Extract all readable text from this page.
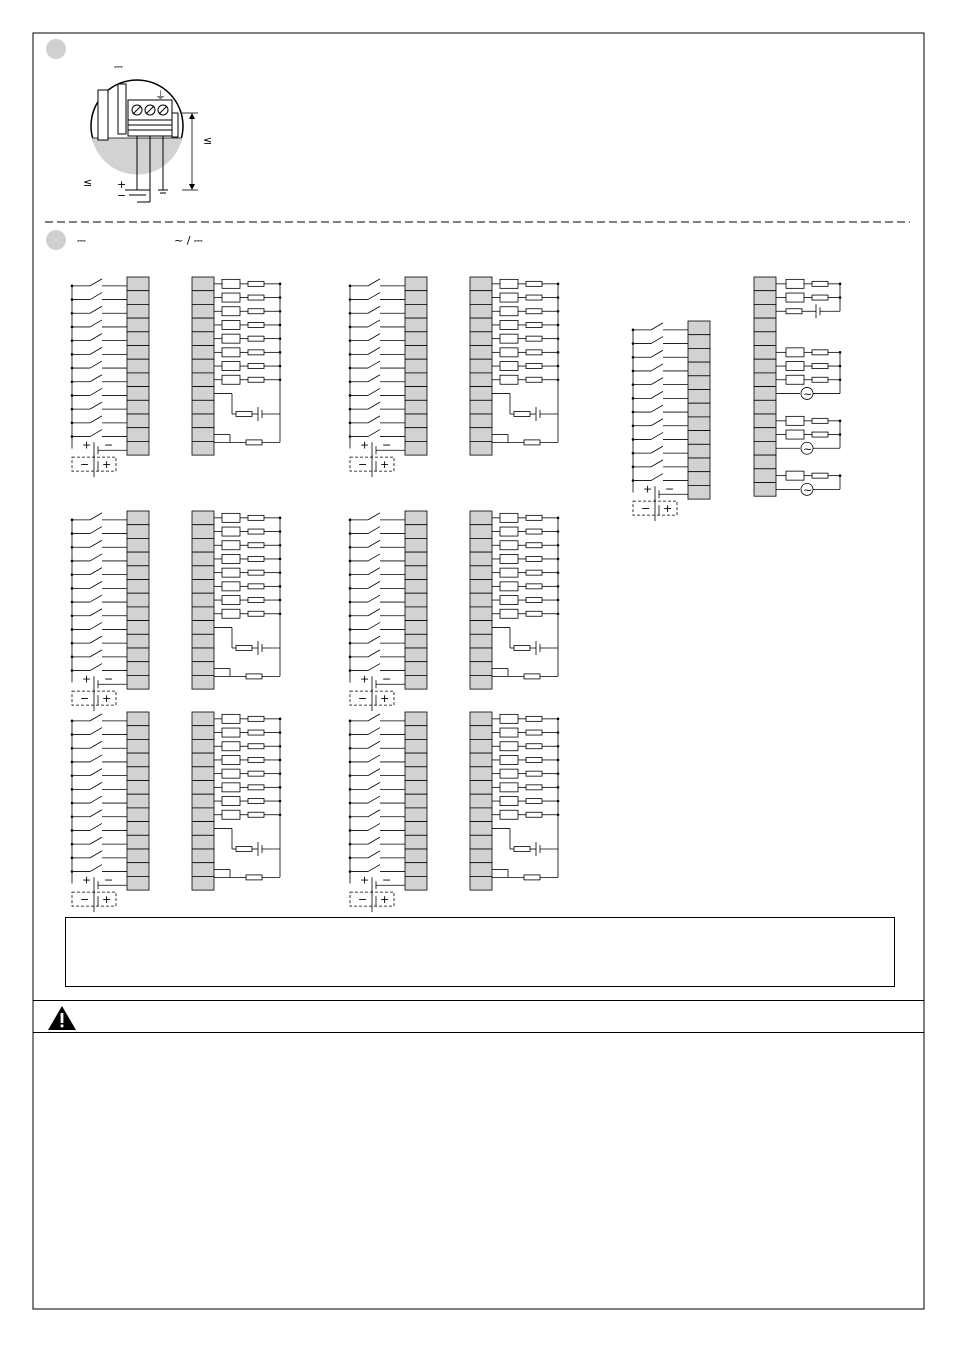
⎓
⏚
+
−
≤
≤
⎓	~ / ⎓
+ −
− +
+ −
− +
+ −
− +
+ −
− +
+ −
− +
+ −
− +
+ −
− +
~
~
~
